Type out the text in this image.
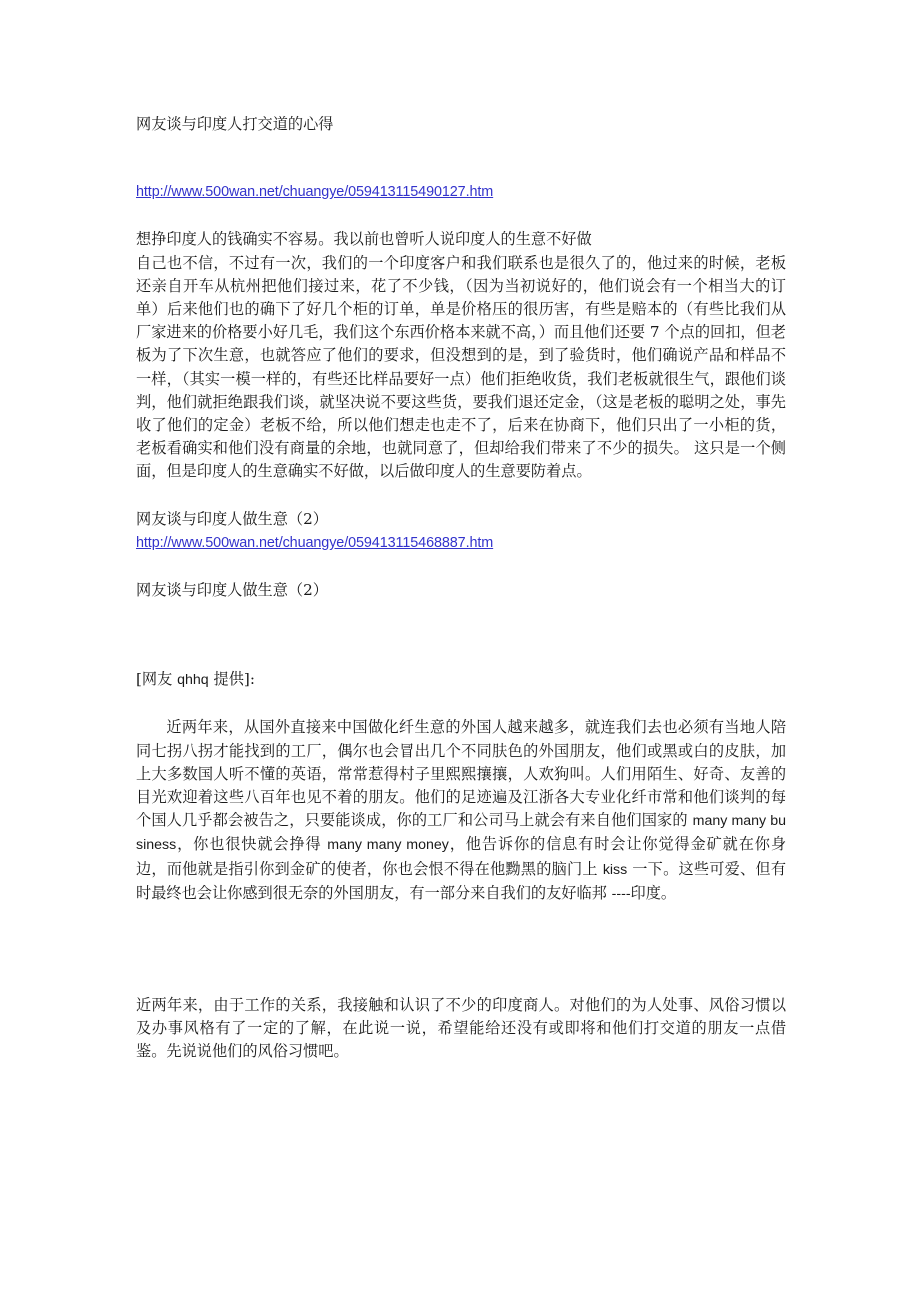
网友谈与印度人打交道的心得

http://www.500wan.net/chuangye/059413115490127.htm

想挣印度人的钱确实不容易。我以前也曾听人说印度人的生意不好做

自己也不信，不过有一次，我们的一个印度客户和我们联系也是很久了的，他过来的时候，老板还亲自开车从杭州把他们接过来，花了不少钱，（因为当初说好的，他们说会有一个相当大的订单）后来他们也的确下了好几个柜的订单，单是价格压的很历害，有些是赔本的（有些比我们从厂家进来的价格要小好几毛，我们这个东西价格本来就不高，）而且他们还要 7 个点的回扣，但老板为了下次生意，也就答应了他们的要求，但没想到的是，到了验货时，他们确说产品和样品不一样，（其实一模一样的，有些还比样品要好一点）他们拒绝收货，我们老板就很生气，跟他们谈判，他们就拒绝跟我们谈，就坚决说不要这些货，要我们退还定金，（这是老板的聪明之处，事先收了他们的定金）老板不给，所以他们想走也走不了，后来在协商下，他们只出了一小柜的货，老板看确实和他们没有商量的余地，也就同意了，但却给我们带来了不少的损失。 这只是一个侧面，但是印度人的生意确实不好做，以后做印度人的生意要防着点。

网友谈与印度人做生意（2）

http://www.500wan.net/chuangye/059413115468887.htm

网友谈与印度人做生意（2）

[网友 qhhq 提供]:

近两年来，从国外直接来中国做化纤生意的外国人越来越多，就连我们去也必须有当地人陪同七拐八拐才能找到的工厂，偶尔也会冒出几个不同肤色的外国朋友，他们或黑或白的皮肤，加上大多数国人听不懂的英语，常常惹得村子里熙熙攘攘，人欢狗叫。人们用陌生、好奇、友善的目光欢迎着这些八百年也见不着的朋友。他们的足迹遍及江浙各大专业化纤市常和他们谈判的每个国人几乎都会被告之，只要能谈成，你的工厂和公司马上就会有来自他们国家的 many many business，你也很快就会挣得 many many money，他告诉你的信息有时会让你觉得金矿就在你身边，而他就是指引你到金矿的使者，你也会恨不得在他黝黑的脑门上 kiss 一下。这些可爱、但有时最终也会让你感到很无奈的外国朋友，有一部分来自我们的友好临邦 ----印度。

近两年来，由于工作的关系，我接触和认识了不少的印度商人。对他们的为人处事、风俗习惯以及办事风格有了一定的了解，在此说一说，希望能给还没有或即将和他们打交道的朋友一点借鉴。先说说他们的风俗习惯吧。
